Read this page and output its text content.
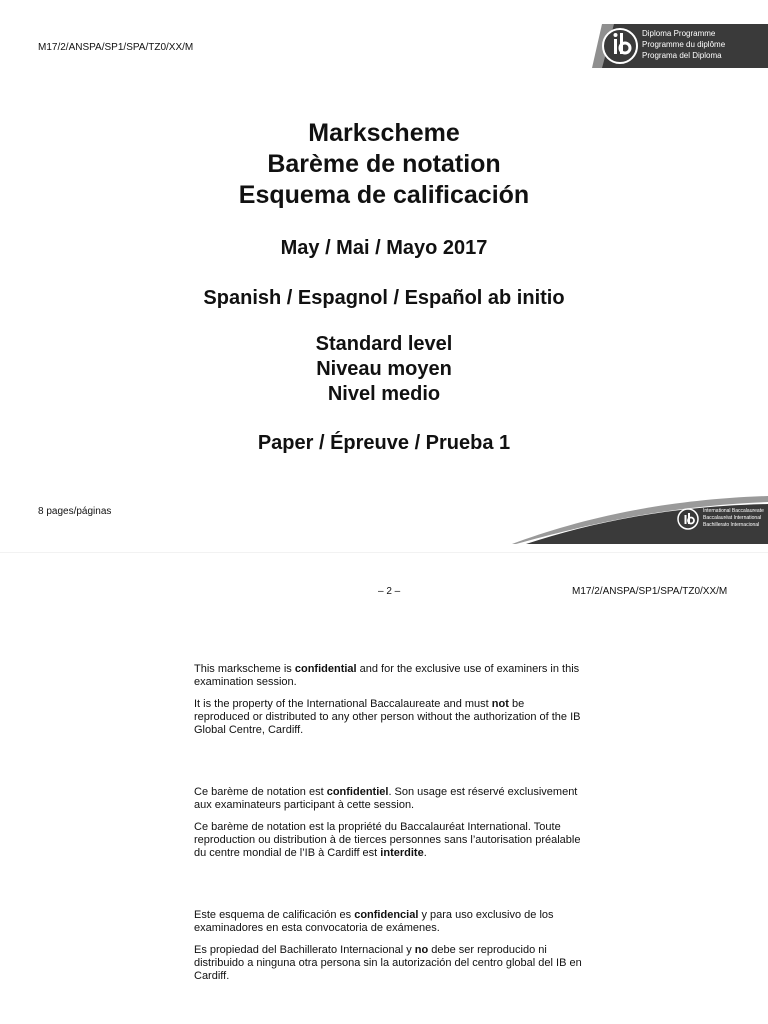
M17/2/ANSPA/SP1/SPA/TZ0/XX/M
Diploma Programme
Programme du diplôme
Programa del Diploma
Markscheme
Barème de notation
Esquema de calificación
May / Mai / Mayo 2017
Spanish / Espagnol / Español ab initio
Standard level
Niveau moyen
Nivel medio
Paper / Épreuve / Prueba 1
8 pages/páginas	International Baccalaureate
Baccalauréat International
Bachillerato Internacional
– 2 –	M17/2/ANSPA/SP1/SPA/TZ0/XX/M

This markscheme is confidential and for the exclusive use of examiners in this examination session.

It is the property of the International Baccalaureate and must not be reproduced or distributed to any other person without the authorization of the IB Global Centre, Cardiff.

Ce barème de notation est confidentiel. Son usage est réservé exclusivement aux examinateurs participant à cette session.

Ce barème de notation est la propriété du Baccalauréat International. Toute reproduction ou distribution à de tierces personnes sans l’autorisation préalable du centre mondial de l’IB à Cardiff est interdite.

Este esquema de calificación es confidencial y para uso exclusivo de los examinadores en esta convocatoria de exámenes.

Es propiedad del Bachillerato Internacional y no debe ser reproducido ni distribuido a ninguna otra persona sin la autorización del centro global del IB en Cardiff.
